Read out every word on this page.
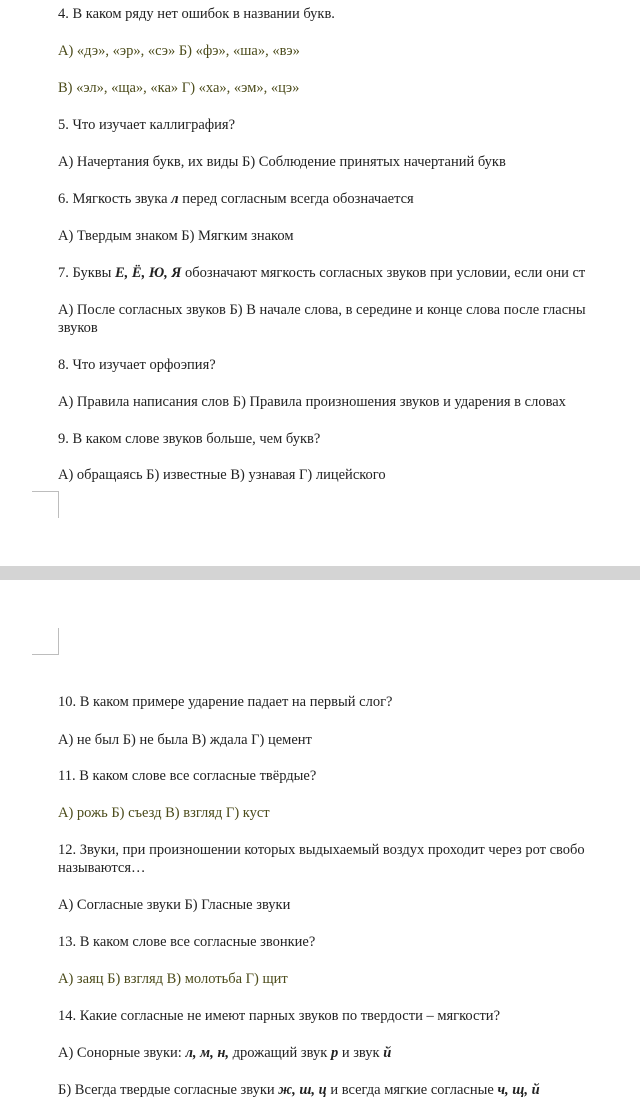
4. В каком ряду нет ошибок в названии букв.
А) «дэ», «эр», «сэ» Б) «фэ», «ша», «вэ»
В) «эл», «ща», «ка» Г) «ха», «эм», «цэ»
5. Что изучает каллиграфия?
А) Начертания букв, их виды Б) Соблюдение принятых начертаний букв
6. Мягкость звука л перед согласным всегда обозначается
А) Твердым знаком Б) Мягким знаком
7. Буквы Е, Ё, Ю, Я обозначают мягкость согласных звуков при условии, если они ст
А) После согласных звуков Б) В начале слова, в середине и конце слова после гласны
звуков
8. Что изучает орфоэпия?
А) Правила написания слов Б) Правила произношения звуков и ударения в словах
9. В каком слове звуков больше, чем букв?
А) обращаясь Б) известные В) узнавая Г) лицейского
10. В каком примере ударение падает на первый слог?
А) не был Б) не была В) ждала Г) цемент
11. В каком слове все согласные твёрдые?
А) рожь Б) съезд В) взгляд Г) куст
12. Звуки, при произношении которых выдыхаемый воздух проходит через рот свобо
называются…
А) Согласные звуки Б) Гласные звуки
13. В каком слове все согласные звонкие?
А) заяц Б) взгляд В) молотьба Г) щит
14. Какие согласные не имеют парных звуков по твердости – мягкости?
А) Сонорные звуки: л, м, н, дрожащий звук р и звук й
Б) Всегда твердые согласные звуки ж, ш, ц и всегда мягкие согласные ч, щ, й
